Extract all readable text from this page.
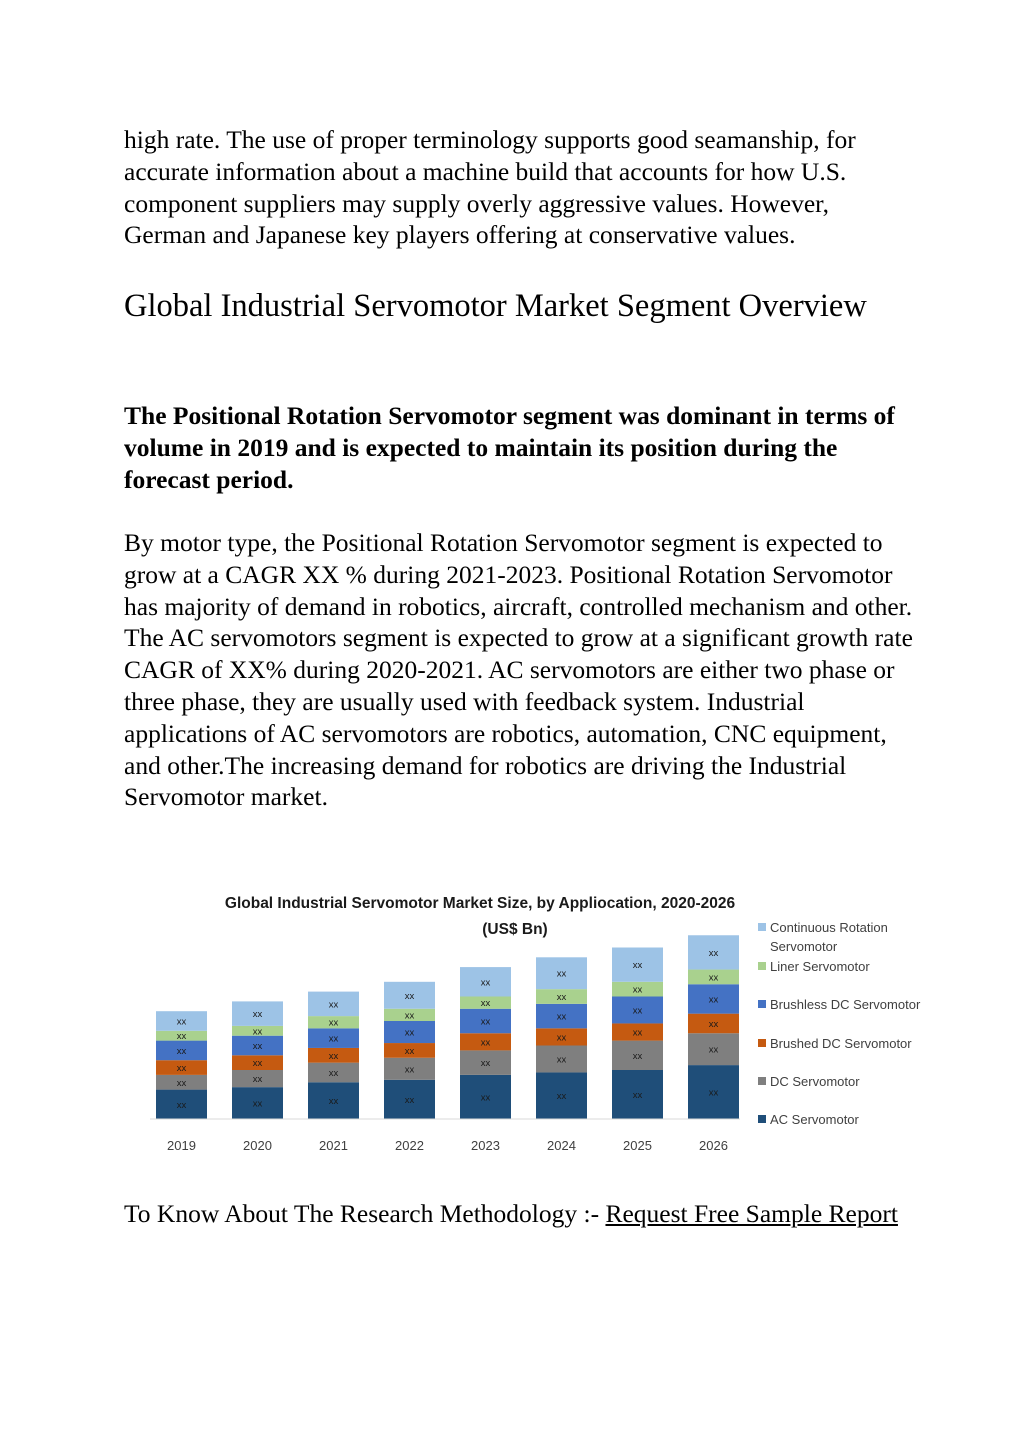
high rate. The use of proper terminology supports good seamanship, for accurate information about a machine build that accounts for how U.S. component suppliers may supply overly aggressive values. However, German and Japanese key players offering at conservative values.

Global Industrial Servomotor Market Segment Overview

The Positional Rotation Servomotor segment was dominant in terms of volume in 2019 and is expected to maintain its position during the forecast period.

By motor type, the Positional Rotation Servomotor segment is expected to grow at a CAGR XX % during 2021-2023. Positional Rotation Servomotor has majority of demand in robotics, aircraft, controlled mechanism and other. The AC servomotors segment is expected to grow at a significant growth rate CAGR of XX% during 2020-2021. AC servomotors are either two phase or three phase, they are usually used with feedback system. Industrial applications of AC servomotors are robotics, automation, CNC equipment, and other.The increasing demand for robotics are driving the Industrial Servomotor market.

Global Industrial Servomotor Market Size, by Appliocation, 2020-2026
(US$ Bn)
xx
xx
xx
xx
xx
xx
xx
xx
xx
xx
xx
xx
xx
xx
xx
xx
xx
xx
xx
xx
xx
xx
xx
xx
xx
xx
xx
xx
xx
xx
xx
xx
xx
xx
xx
xx
xx
xx
xx
xx
xx
xx
xx
xx
xx
xx
xx
xx
2019	2020	2021	2022	2023	2024	2025	2026
Continuous Rotation
Servomotor
Liner Servomotor
Brushless DC Servomotor
Brushed DC Servomotor
DC Servomotor
AC Servomotor

To Know About The Research Methodology :- Request Free Sample Report
